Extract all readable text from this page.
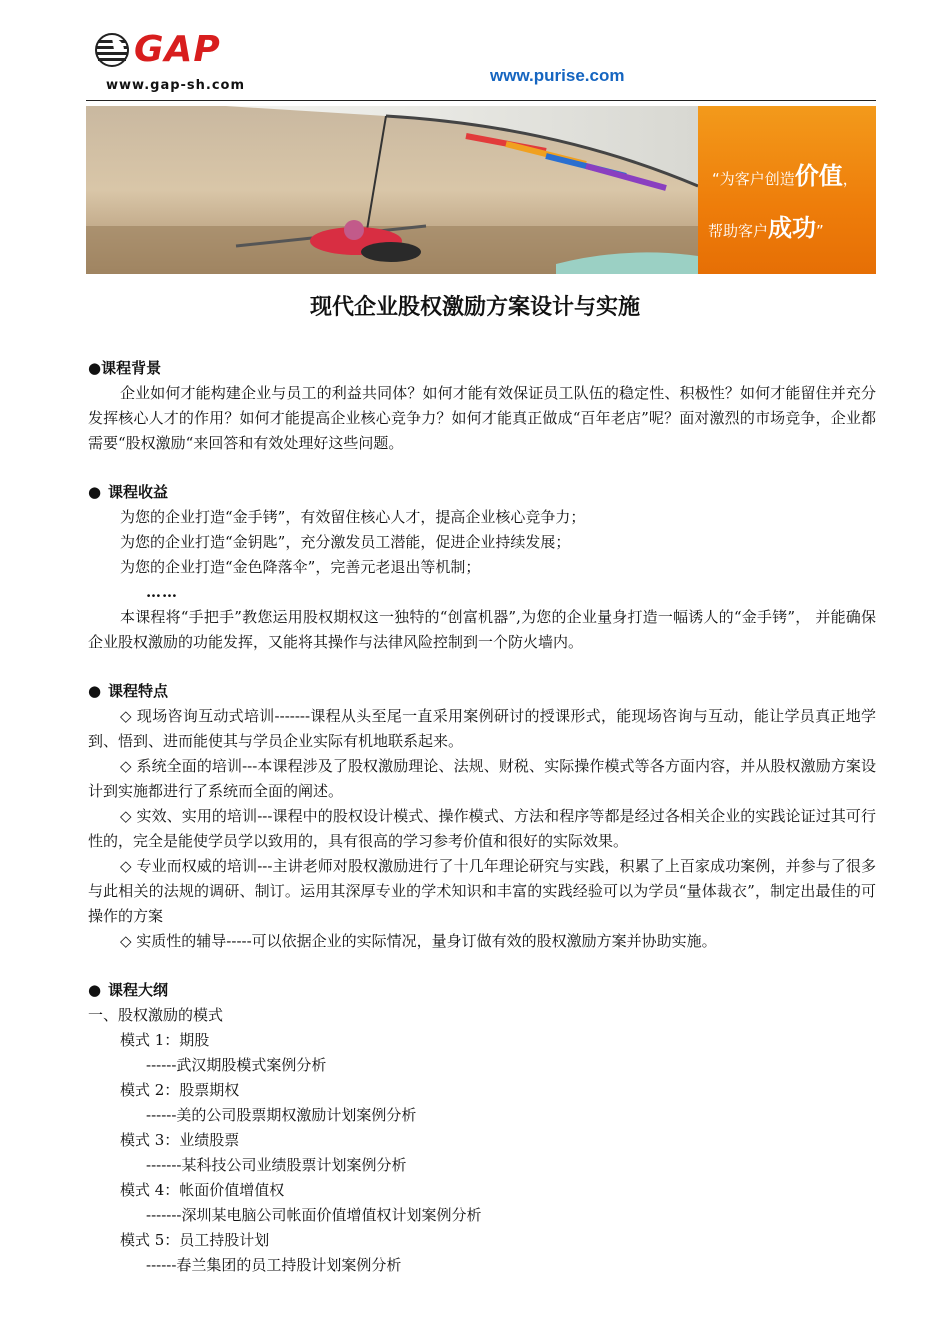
GAP
www.gap-sh.com
www.purise.com
“为客户创造价值，
帮助客户成功”
现代企业股权激励方案设计与实施
●课程背景
企业如何才能构建企业与员工的利益共同体？如何才能有效保证员工队伍的稳定性、积极性？如何才能留住并充分发挥核心人才的作用？如何才能提高企业核心竞争力？如何才能真正做成“百年老店”呢？面对激烈的市场竞争，企业都需要“股权激励“来回答和有效处理好这些问题。
● 课程收益
为您的企业打造“金手铐”，有效留住核心人才，提高企业核心竞争力；
为您的企业打造“金钥匙”，充分激发员工潜能，促进企业持续发展；
为您的企业打造“金色降落伞”，完善元老退出等机制；
……
本课程将“手把手”教您运用股权期权这一独特的“创富机器”,为您的企业量身打造一幅诱人的“金手铐”， 并能确保企业股权激励的功能发挥，又能将其操作与法律风险控制到一个防火墙内。
● 课程特点
◇ 现场咨询互动式培训-------课程从头至尾一直采用案例研讨的授课形式，能现场咨询与互动，能让学员真正地学到、悟到、进而能使其与学员企业实际有机地联系起来。
◇ 系统全面的培训---本课程涉及了股权激励理论、法规、财税、实际操作模式等各方面内容，并从股权激励方案设计到实施都进行了系统而全面的阐述。
◇ 实效、实用的培训---课程中的股权设计模式、操作模式、方法和程序等都是经过各相关企业的实践论证过其可行性的，完全是能使学员学以致用的，具有很高的学习参考价值和很好的实际效果。
◇ 专业而权威的培训---主讲老师对股权激励进行了十几年理论研究与实践，积累了上百家成功案例，并参与了很多与此相关的法规的调研、制订。运用其深厚专业的学术知识和丰富的实践经验可以为学员“量体裁衣”，制定出最佳的可操作的方案
◇ 实质性的辅导-----可以依据企业的实际情况，量身订做有效的股权激励方案并协助实施。
● 课程大纲
一、股权激励的模式
模式 1：期股
------武汉期股模式案例分析
模式 2：股票期权
------美的公司股票期权激励计划案例分析
模式 3：业绩股票
-------某科技公司业绩股票计划案例分析
模式 4：帐面价值增值权
-------深圳某电脑公司帐面价值增值权计划案例分析
模式 5：员工持股计划
------春兰集团的员工持股计划案例分析
